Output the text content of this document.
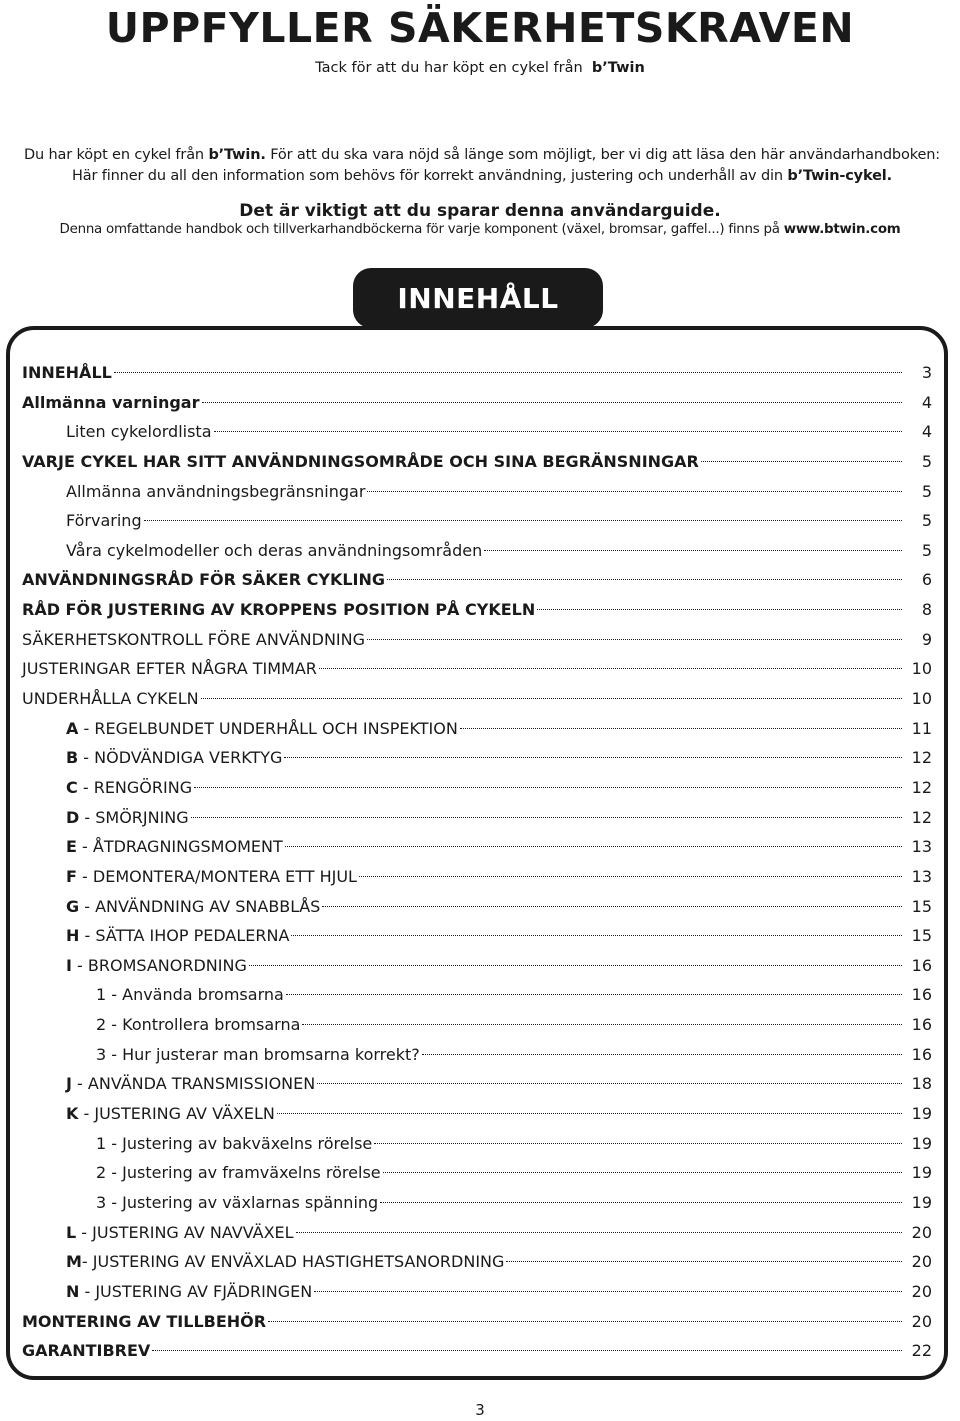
UPPFYLLER SÄKERHETSKRAVEN
Tack för att du har köpt en cykel från b’Twin
Du har köpt en cykel från b’Twin. För att du ska vara nöjd så länge som möjligt, ber vi dig att läsa den här användarhandboken: Här finner du all den information som behövs för korrekt användning, justering och underhåll av din b’Twin-cykel.
Det är viktigt att du sparar denna användarguide.
Denna omfattande handbok och tillverkarhandböckerna för varje komponent (växel, bromsar, gaffel...) finns på www.btwin.com
INNEHÅLL
INNEHÅLL	3
Allmänna varningar	4
Liten cykelordlista	4
VARJE CYKEL HAR SITT ANVÄNDNINGSOMRÅDE OCH SINA BEGRÄNSNINGAR	5
Allmänna användningsbegränsningar	5
Förvaring	5
Våra cykelmodeller och deras användningsområden	5
ANVÄNDNINGSRÅD FÖR SÄKER CYKLING	6
RÅD FÖR JUSTERING AV KROPPENS POSITION PÅ CYKELN	8
SÄKERHETSKONTROLL FÖRE ANVÄNDNING	9
JUSTERINGAR EFTER NÅGRA TIMMAR	10
UNDERHÅLLA CYKELN	10
A - REGELBUNDET UNDERHÅLL OCH INSPEKTION	11
B - NÖDVÄNDIGA VERKTYG	12
C - RENGÖRING	12
D - SMÖRJNING	12
E - ÅTDRAGNINGSMOMENT	13
F - DEMONTERA/MONTERA ETT HJUL	13
G - ANVÄNDNING AV SNABBLÅS	15
H - SÄTTA IHOP PEDALERNA	15
I - BROMSANORDNING	16
1 - Använda bromsarna	16
2 - Kontrollera bromsarna	16
3 - Hur justerar man bromsarna korrekt?	16
J - ANVÄNDA TRANSMISSIONEN	18
K - JUSTERING AV VÄXELN	19
1 - Justering av bakväxelns rörelse	19
2 - Justering av framväxelns rörelse	19
3 - Justering av växlarnas spänning	19
L - JUSTERING AV NAVVÄXEL	20
M- JUSTERING AV ENVÄXLAD HASTIGHETSANORDNING	20
N - JUSTERING AV FJÄDRINGEN	20
MONTERING AV TILLBEHÖR	20
GARANTIBREV	22
3
